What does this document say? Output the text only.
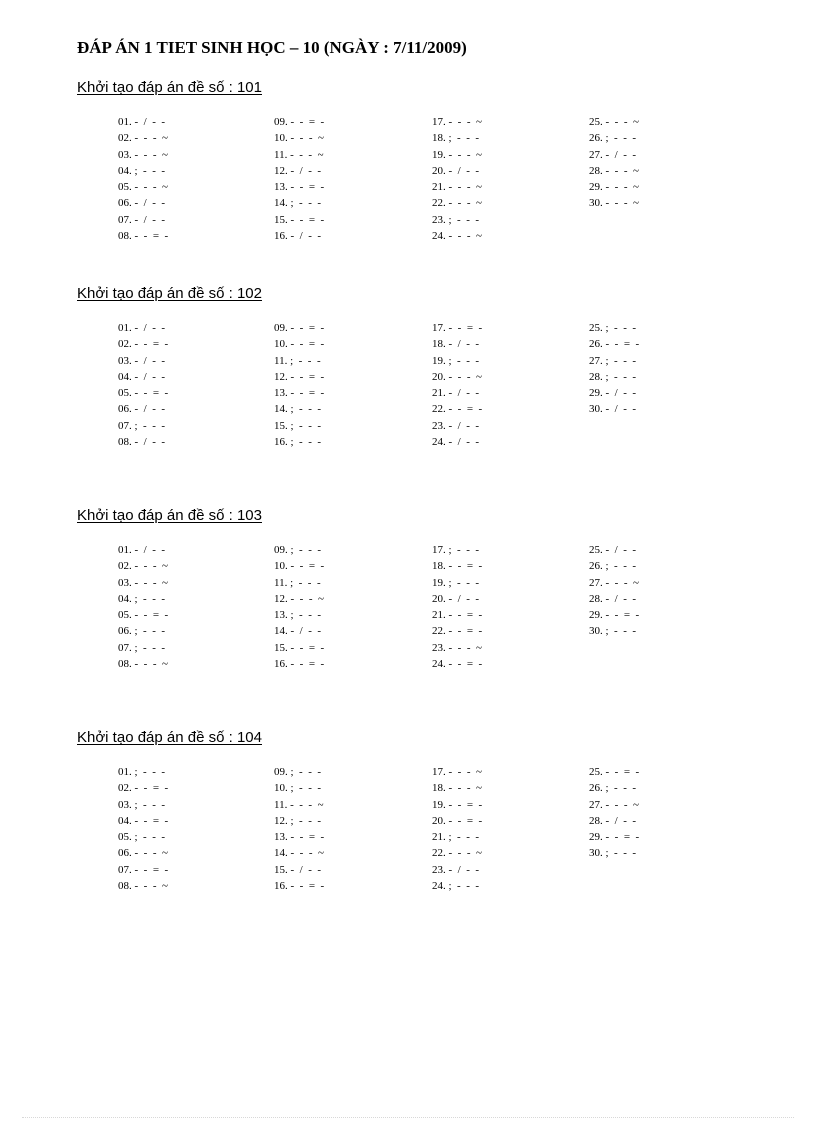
ĐÁP ÁN 1 TIET SINH HỌC – 10 (NGÀY : 7/11/2009)
Khởi tạo đáp án đề số : 101
01. -  /  -  -
02. -  -  -  ~
03. -  -  -  ~
04. ;  -  -  -
05. -  -  -  ~
06. -  /  -  -
07. -  /  -  -
08. -  -  =  -
09. -  -  =  -
10. -  -  -  ~
11. -  -  -  ~
12. -  /  -  -
13. -  -  =  -
14. ;  -  -  -
15. -  -  =  -
16. -  /  -  -
17. -  -  -  ~
18. ;  -  -  -
19. -  -  -  ~
20. -  /  -  -
21. -  -  -  ~
22. -  -  -  ~
23. ;  -  -  -
24. -  -  -  ~
25. -  -  -  ~
26. ;  -  -  -
27. -  /  -  -
28. -  -  -  ~
29. -  -  -  ~
30. -  -  -  ~
Khởi tạo đáp án đề số : 102
01. -  /  -  -
02. -  -  =  -
03. -  /  -  -
04. -  /  -  -
05. -  -  =  -
06. -  /  -  -
07. ;  -  -  -
08. -  /  -  -
09. -  -  =  -
10. -  -  =  -
11. ;  -  -  -
12. -  -  =  -
13. -  -  =  -
14. ;  -  -  -
15. ;  -  -  -
16. ;  -  -  -
17. -  -  =  -
18. -  /  -  -
19. ;  -  -  -
20. -  -  -  ~
21. -  /  -  -
22. -  -  =  -
23. -  /  -  -
24. -  /  -  -
25. ;  -  -  -
26. -  -  =  -
27. ;  -  -  -
28. ;  -  -  -
29. -  /  -  -
30. -  /  -  -
Khởi tạo đáp án đề số : 103
01. -  /  -  -
02. -  -  -  ~
03. -  -  -  ~
04. ;  -  -  -
05. -  -  =  -
06. ;  -  -  -
07. ;  -  -  -
08. -  -  -  ~
09. ;  -  -  -
10. -  -  =  -
11. ;  -  -  -
12. -  -  -  ~
13. ;  -  -  -
14. -  /  -  -
15. -  -  =  -
16. -  -  =  -
17. ;  -  -  -
18. -  -  =  -
19. ;  -  -  -
20. -  /  -  -
21. -  -  =  -
22. -  -  =  -
23. -  -  -  ~
24. -  -  =  -
25. -  /  -  -
26. ;  -  -  -
27. -  -  -  ~
28. -  /  -  -
29. -  -  =  -
30. ;  -  -  -
Khởi tạo đáp án đề số : 104
01. ;  -  -  -
02. -  -  =  -
03. ;  -  -  -
04. -  -  =  -
05. ;  -  -  -
06. -  -  -  ~
07. -  -  =  -
08. -  -  -  ~
09. ;  -  -  -
10. ;  -  -  -
11. -  -  -  ~
12. ;  -  -  -
13. -  -  =  -
14. -  -  -  ~
15. -  /  -  -
16. -  -  =  -
17. -  -  -  ~
18. -  -  -  ~
19. -  -  =  -
20. -  -  =  -
21. ;  -  -  -
22. -  -  -  ~
23. -  /  -  -
24. ;  -  -  -
25. -  -  =  -
26. ;  -  -  -
27. -  -  -  ~
28. -  /  -  -
29. -  -  =  -
30. ;  -  -  -
